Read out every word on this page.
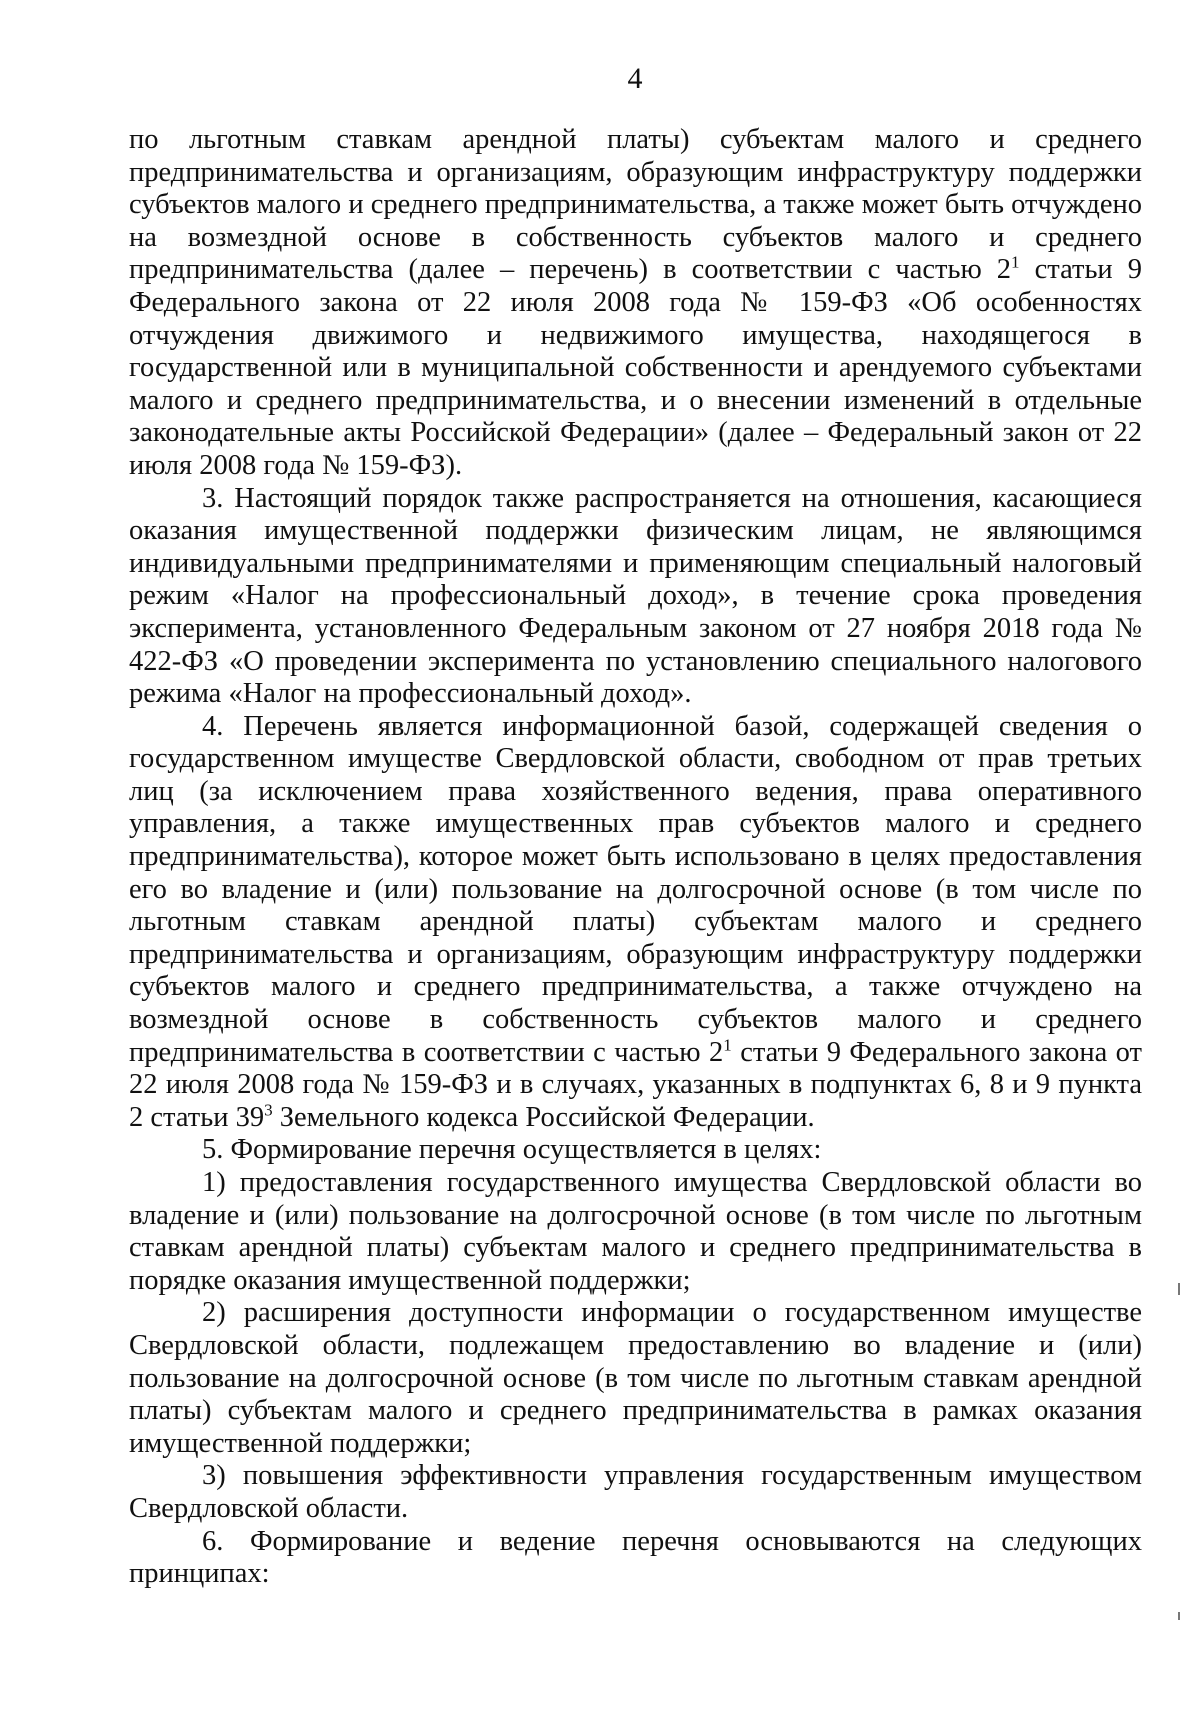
4

по льготным ставкам арендной платы) субъектам малого и среднего предпринимательства и организациям, образующим инфраструктуру поддержки субъектов малого и среднего предпринимательства, а также может быть отчуждено на возмездной основе в собственность субъектов малого и среднего предпринимательства (далее – перечень) в соответствии с частью $2^1$ статьи 9 Федерального закона от 22 июля 2008 года № 159-ФЗ «Об особенностях отчуждения движимого и недвижимого имущества, находящегося в государственной или в муниципальной собственности и арендуемого субъектами малого и среднего предпринимательства, и о внесении изменений в отдельные законодательные акты Российской Федерации» (далее – Федеральный закон от 22 июля 2008 года № 159-ФЗ).

3. Настоящий порядок также распространяется на отношения, касающиеся оказания имущественной поддержки физическим лицам, не являющимся индивидуальными предпринимателями и применяющим специальный налоговый режим «Налог на профессиональный доход», в течение срока проведения эксперимента, установленного Федеральным законом от 27 ноября 2018 года № 422-ФЗ «О проведении эксперимента по установлению специального налогового режима «Налог на профессиональный доход».

4. Перечень является информационной базой, содержащей сведения о государственном имуществе Свердловской области, свободном от прав третьих лиц (за исключением права хозяйственного ведения, права оперативного управления, а также имущественных прав субъектов малого и среднего предпринимательства), которое может быть использовано в целях предоставления его во владение и (или) пользование на долгосрочной основе (в том числе по льготным ставкам арендной платы) субъектам малого и среднего предпринимательства и организациям, образующим инфраструктуру поддержки субъектов малого и среднего предпринимательства, а также отчуждено на возмездной основе в собственность субъектов малого и среднего предпринимательства в соответствии с частью $2^1$ статьи 9 Федерального закона от 22 июля 2008 года № 159-ФЗ и в случаях, указанных в подпунктах 6, 8 и 9 пункта 2 статьи $39^3$ Земельного кодекса Российской Федерации.

5. Формирование перечня осуществляется в целях:

1) предоставления государственного имущества Свердловской области во владение и (или) пользование на долгосрочной основе (в том числе по льготным ставкам арендной платы) субъектам малого и среднего предпринимательства в порядке оказания имущественной поддержки;

2) расширения доступности информации о государственном имуществе Свердловской области, подлежащем предоставлению во владение и (или) пользование на долгосрочной основе (в том числе по льготным ставкам арендной платы) субъектам малого и среднего предпринимательства в рамках оказания имущественной поддержки;

3) повышения эффективности управления государственным имуществом Свердловской области.

6. Формирование и ведение перечня основываются на следующих принципах:
